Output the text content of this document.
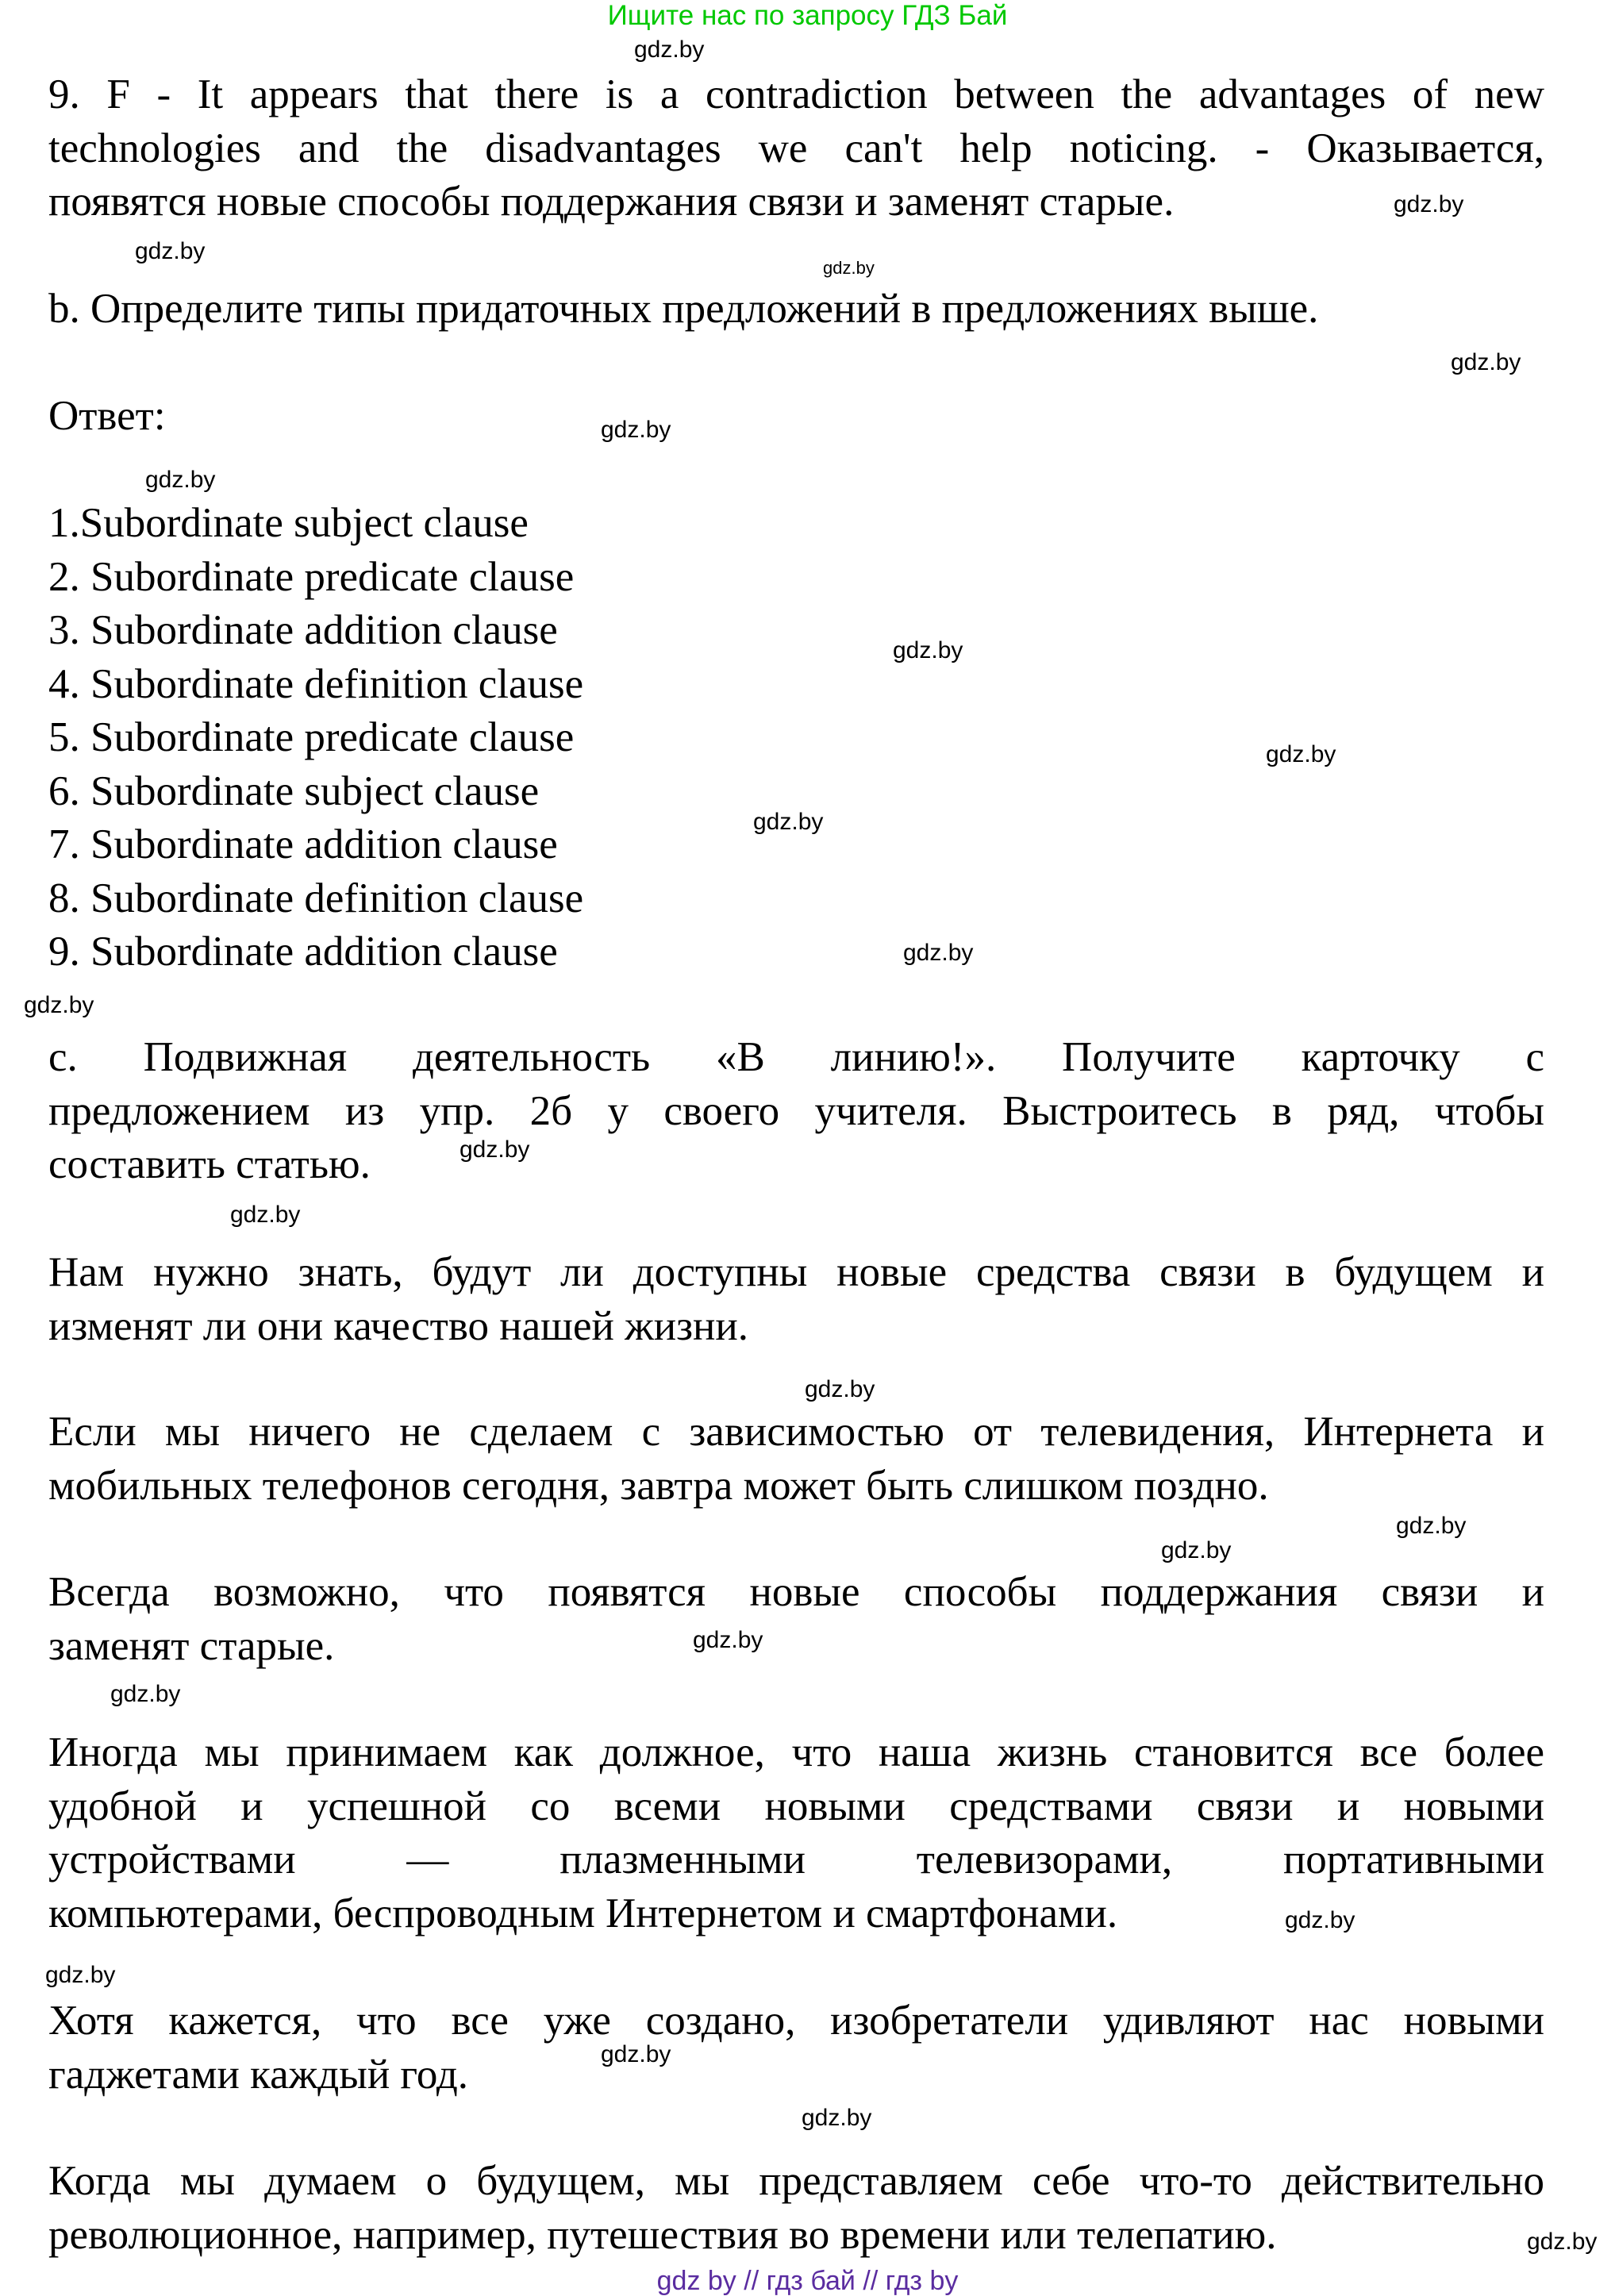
Ищите нас по запросу ГДЗ Бай
9. F - It appears that there is a contradiction between the advantages of new
technologies and the disadvantages we can't help noticing. - Оказывается,
появятся новые способы поддержания связи и заменят старые.
b. Определите типы придаточных предложений в предложениях выше.
Ответ:
1.Subordinate subject clause
2. Subordinate predicate clause
3. Subordinate addition clause
4. Subordinate definition clause
5. Subordinate predicate clause
6. Subordinate subject clause
7. Subordinate addition clause
8. Subordinate definition clause
9. Subordinate addition clause
c. Подвижная деятельность «В линию!». Получите карточку с
предложением из упр. 2б у своего учителя. Выстроитесь в ряд, чтобы
составить статью.
Нам нужно знать, будут ли доступны новые средства связи в будущем и
изменят ли они качество нашей жизни.
Если мы ничего не сделаем с зависимостью от телевидения, Интернета и
мобильных телефонов сегодня, завтра может быть слишком поздно.
Всегда возможно, что появятся новые способы поддержания связи и
заменят старые.
Иногда мы принимаем как должное, что наша жизнь становится все более
удобной и успешной со всеми новыми средствами связи и новыми
устройствами — плазменными телевизорами, портативными
компьютерами, беспроводным Интернетом и смартфонами.
Хотя кажется, что все уже создано, изобретатели удивляют нас новыми
гаджетами каждый год.
Когда мы думаем о будущем, мы представляем себе что-то действительно
революционное, например, путешествия во времени или телепатию.
gdz.by
gdz.by
gdz.by
gdz.by
gdz.by
gdz.by
gdz.by
gdz.by
gdz.by
gdz.by
gdz.by
gdz.by
gdz.by
gdz.by
gdz.by
gdz.by
gdz.by
gdz.by
gdz.by
gdz.by
gdz.by
gdz.by
gdz.by
gdz.by
gdz by // гдз бай // гдз by
